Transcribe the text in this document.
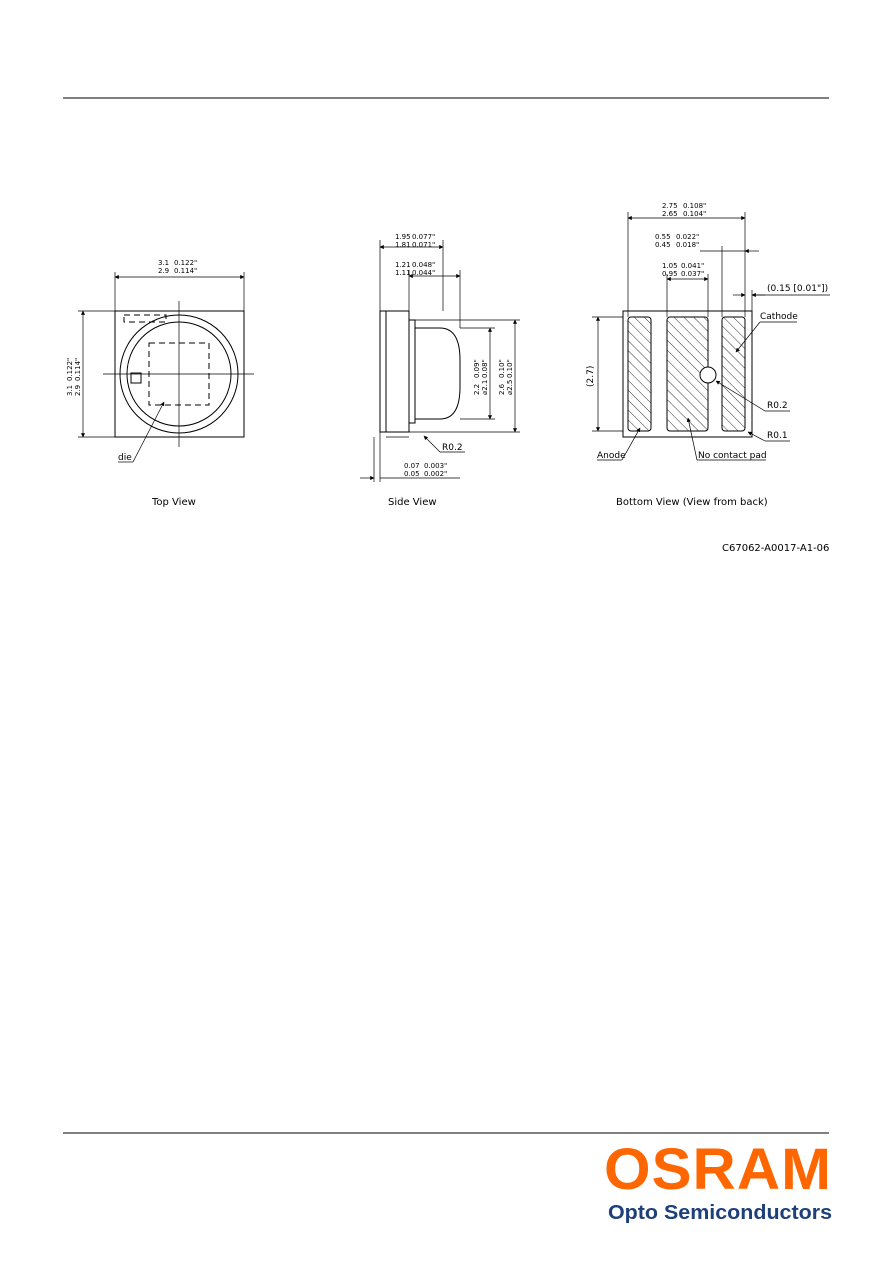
3.1
2.9
0.122"
0.114"
3.1 2.9
0.122" 0.114"
die
Top View
1.95
1.81
0.077"
0.071"
1.21
1.11
0.048"
0.044"
2.2 ⌀2.1
0.09" 0.08"
2.6 ⌀2.5
0.10" 0.10"
R0.2
0.07
0.05
0.003"
0.002"
Side View
2.75
2.65
0.108"
0.104"
0.55
0.45
0.022"
0.018"
1.05
0.95
0.041"
0.037"
(0.15 [0.01"])
(2.7)
Cathode
R0.2
R0.1
Anode	No contact pad
Bottom View (View from back)
C67062-A0017-A1-06
OSRAM
Opto Semiconductors
